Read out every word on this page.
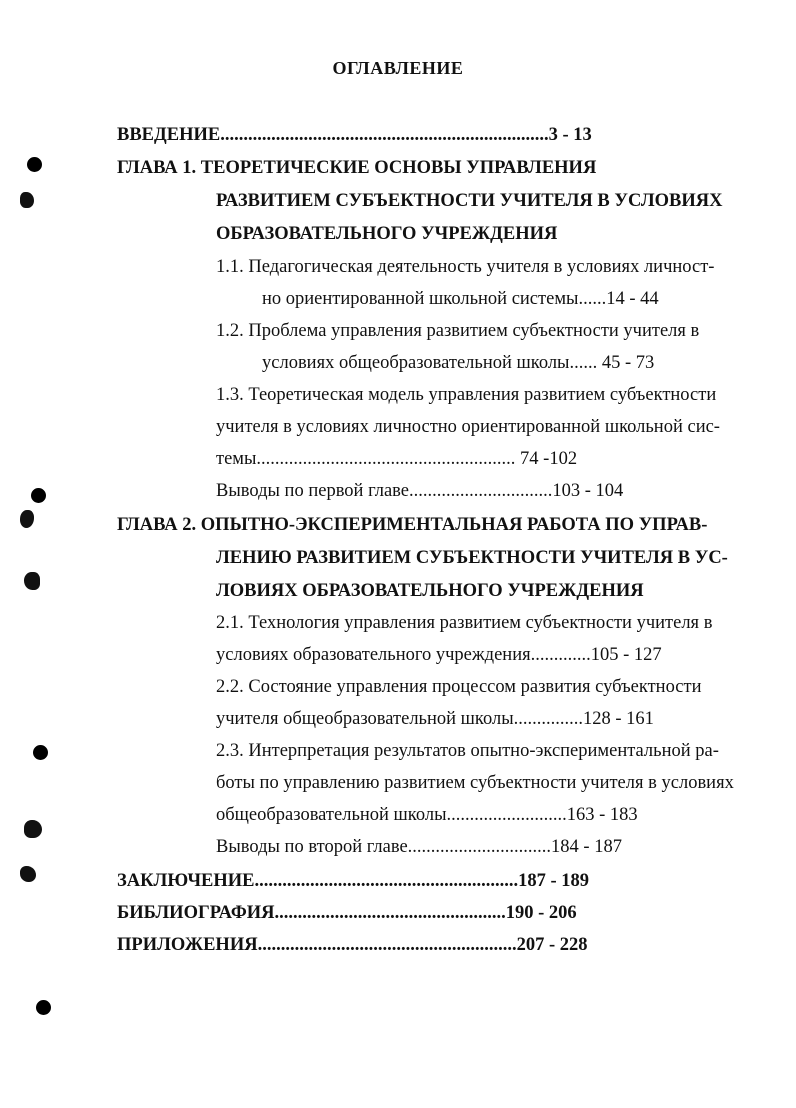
ОГЛАВЛЕНИЕ
ВВЕДЕНИЕ.......................................................................3 - 13
ГЛАВА 1. ТЕОРЕТИЧЕСКИЕ ОСНОВЫ УПРАВЛЕНИЯ
РАЗВИТИЕМ СУБЪЕКТНОСТИ УЧИТЕЛЯ В УСЛОВИЯХ
ОБРАЗОВАТЕЛЬНОГО УЧРЕЖДЕНИЯ
1.1. Педагогическая деятельность учителя в условиях личност-
но ориентированной школьной системы......14 - 44
1.2. Проблема управления развитием субъектности учителя в
условиях общеобразовательной школы...... 45 - 73
1.3. Теоретическая модель управления развитием субъектности
учителя в условиях личностно ориентированной школьной сис-
темы........................................................ 74 -102
Выводы по первой главе...............................103 - 104
ГЛАВА 2. ОПЫТНО-ЭКСПЕРИМЕНТАЛЬНАЯ РАБОТА ПО УПРАВ-
ЛЕНИЮ РАЗВИТИЕМ СУБЪЕКТНОСТИ УЧИТЕЛЯ В УС-
ЛОВИЯХ ОБРАЗОВАТЕЛЬНОГО УЧРЕЖДЕНИЯ
2.1. Технология управления развитием субъектности учителя в
условиях образовательного учреждения.............105 - 127
2.2. Состояние управления процессом развития субъектности
учителя общеобразовательной школы...............128 - 161
2.3. Интерпретация результатов опытно-экспериментальной ра-
боты по управлению развитием субъектности учителя в условиях
общеобразовательной школы..........................163 - 183
Выводы по второй главе...............................184 - 187
ЗАКЛЮЧЕНИЕ.........................................................187 - 189
БИБЛИОГРАФИЯ..................................................190 - 206
ПРИЛОЖЕНИЯ........................................................207 - 228
